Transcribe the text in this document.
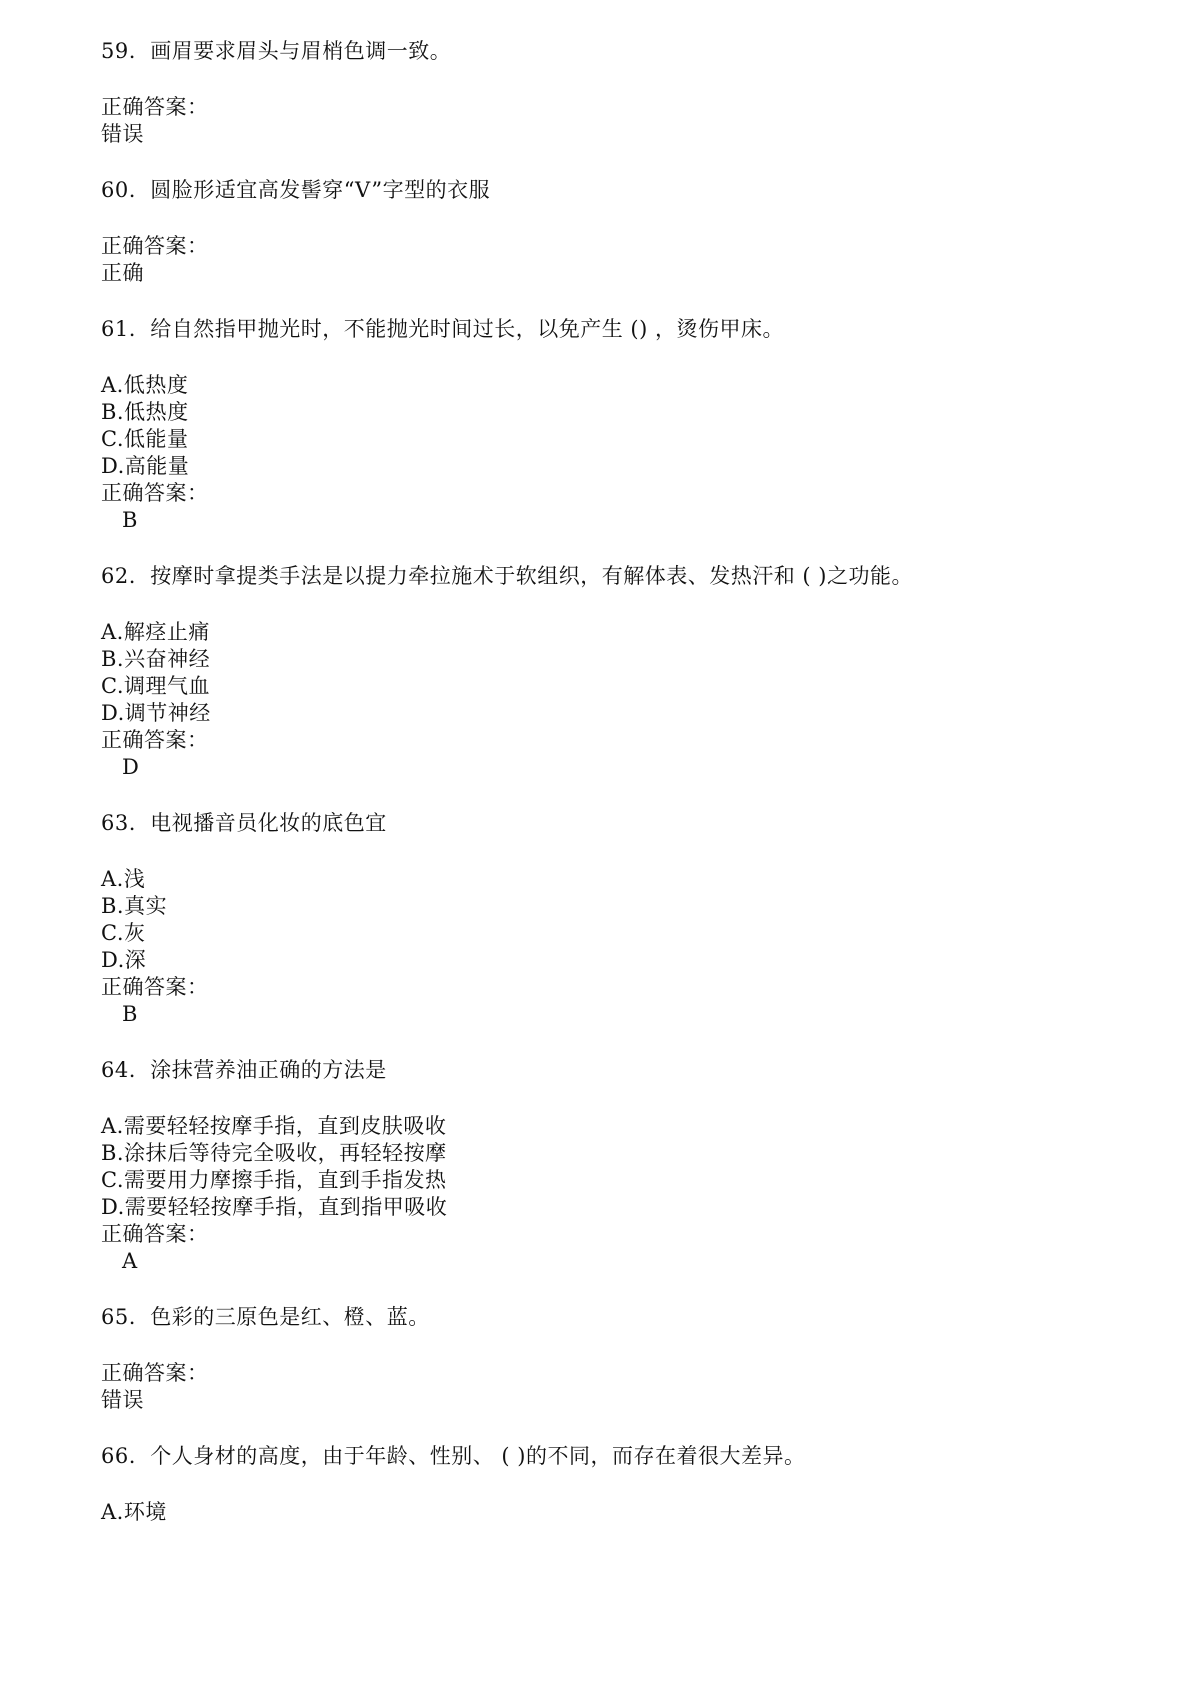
59.  画眉要求眉头与眉梢色调一致。
正确答案：
错误
60.  圆脸形适宜高发髻穿“V”字型的衣服
正确答案：
正确
61.  给自然指甲抛光时，不能抛光时间过长，以免产生 () ，烫伤甲床。
A.低热度
B.低热度
C.低能量
D.高能量
正确答案：
B
62.  按摩时拿提类手法是以提力牵拉施术于软组织，有解体表、发热汗和 ( )之功能。
A.解痉止痛
B.兴奋神经
C.调理气血
D.调节神经
正确答案：
D
63.  电视播音员化妆的底色宜
A.浅
B.真实
C.灰
D.深
正确答案：
B
64.  涂抹营养油正确的方法是
A.需要轻轻按摩手指，直到皮肤吸收
B.涂抹后等待完全吸收，再轻轻按摩
C.需要用力摩擦手指，直到手指发热
D.需要轻轻按摩手指，直到指甲吸收
正确答案：
A
65.  色彩的三原色是红、橙、蓝。
正确答案：
错误
66.  个人身材的高度，由于年龄、性别、 ( )的不同，而存在着很大差异。
A.环境
